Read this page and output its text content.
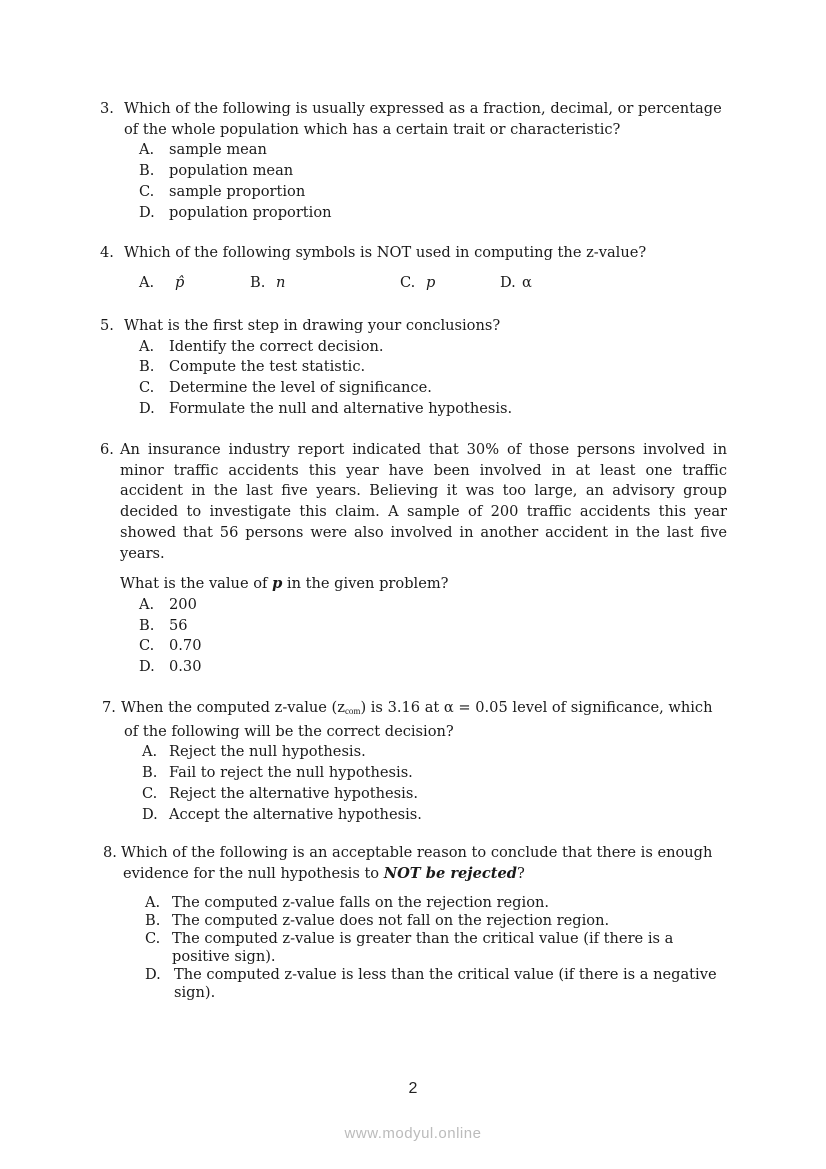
3. Which of the following is usually expressed as a fraction, decimal, or percentage
of the whole population which has a certain trait or characteristic?
A.	sample mean
B.	population mean
C.	sample proportion
D. population proportion
4. Which of the following symbols is NOT used in computing the z-value?
A. p̂	B. n	C. p	D. α
5. What is the first step in drawing your conclusions?
A.	Identify the correct decision.
B.	Compute the test statistic.
C.	Determine the level of significance.
D. Formulate the null and alternative hypothesis.
6. An insurance industry report indicated that 30% of those persons involved in minor traffic accidents this year have been involved in at least one traffic accident in the last five years. Believing it was too large, an advisory group decided to investigate this claim. A sample of 200 traffic accidents this year showed that 56 persons were also involved in another accident in the last five years.
What is the value of p in the given problem?
A.	200
B.	56
C.	0.70
D. 0.30
7. When the computed z-value $(z_{com})$ is 3.16 at α = 0.05 level of significance, which
of the following will be the correct decision?
A. Reject the null hypothesis.
B. Fail to reject the null hypothesis.
C. Reject the alternative hypothesis.
D. Accept the alternative hypothesis.
8. Which of the following is an acceptable reason to conclude that there is enough
evidence for the null hypothesis to NOT be rejected?
A. The computed z-value falls on the rejection region.
B. The computed z-value does not fall on the rejection region.
C. The computed z-value is greater than the critical value (if there is a positive sign).
D. The computed z-value is less than the critical value (if there is a negative sign).
2
www.modyul.online
